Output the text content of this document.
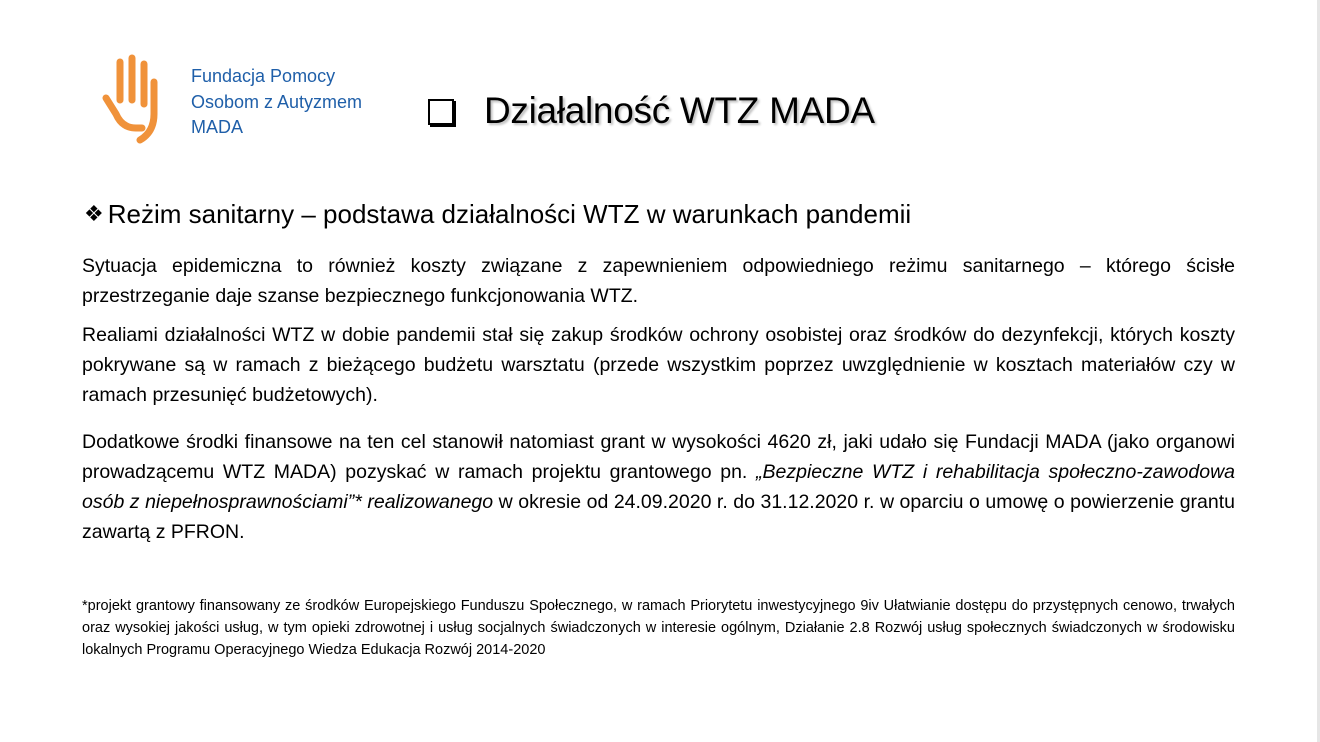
Fundacja Pomocy
Osobom z Autyzmem
MADA	Działalność WTZ MADA
❖ Reżim sanitarny – podstawa działalności WTZ w warunkach pandemii

Sytuacja epidemiczna to również koszty związane z zapewnieniem odpowiedniego reżimu sanitarnego – którego ścisłe przestrzeganie daje szanse bezpiecznego funkcjonowania WTZ.

Realiami działalności WTZ w dobie pandemii stał się zakup środków ochrony osobistej oraz środków do dezynfekcji, których koszty pokrywane są w ramach z bieżącego budżetu warsztatu (przede wszystkim poprzez uwzględnienie w kosztach materiałów czy w ramach przesunięć budżetowych).

Dodatkowe środki finansowe na ten cel stanowił natomiast grant w wysokości 4620 zł, jaki udało się Fundacji MADA (jako organowi prowadzącemu WTZ MADA) pozyskać w ramach projektu grantowego pn. „Bezpieczne WTZ i rehabilitacja społeczno-zawodowa osób z niepełnosprawnościami”* realizowanego w okresie od 24.09.2020 r. do 31.12.2020 r. w oparciu o umowę o powierzenie grantu zawartą z PFRON.

*projekt grantowy finansowany ze środków Europejskiego Funduszu Społecznego, w ramach Priorytetu inwestycyjnego 9iv Ułatwianie dostępu do przystępnych cenowo, trwałych oraz wysokiej jakości usług, w tym opieki zdrowotnej i usług socjalnych świadczonych w interesie ogólnym, Działanie 2.8 Rozwój usług społecznych świadczonych w środowisku lokalnych Programu Operacyjnego Wiedza Edukacja Rozwój 2014-2020
